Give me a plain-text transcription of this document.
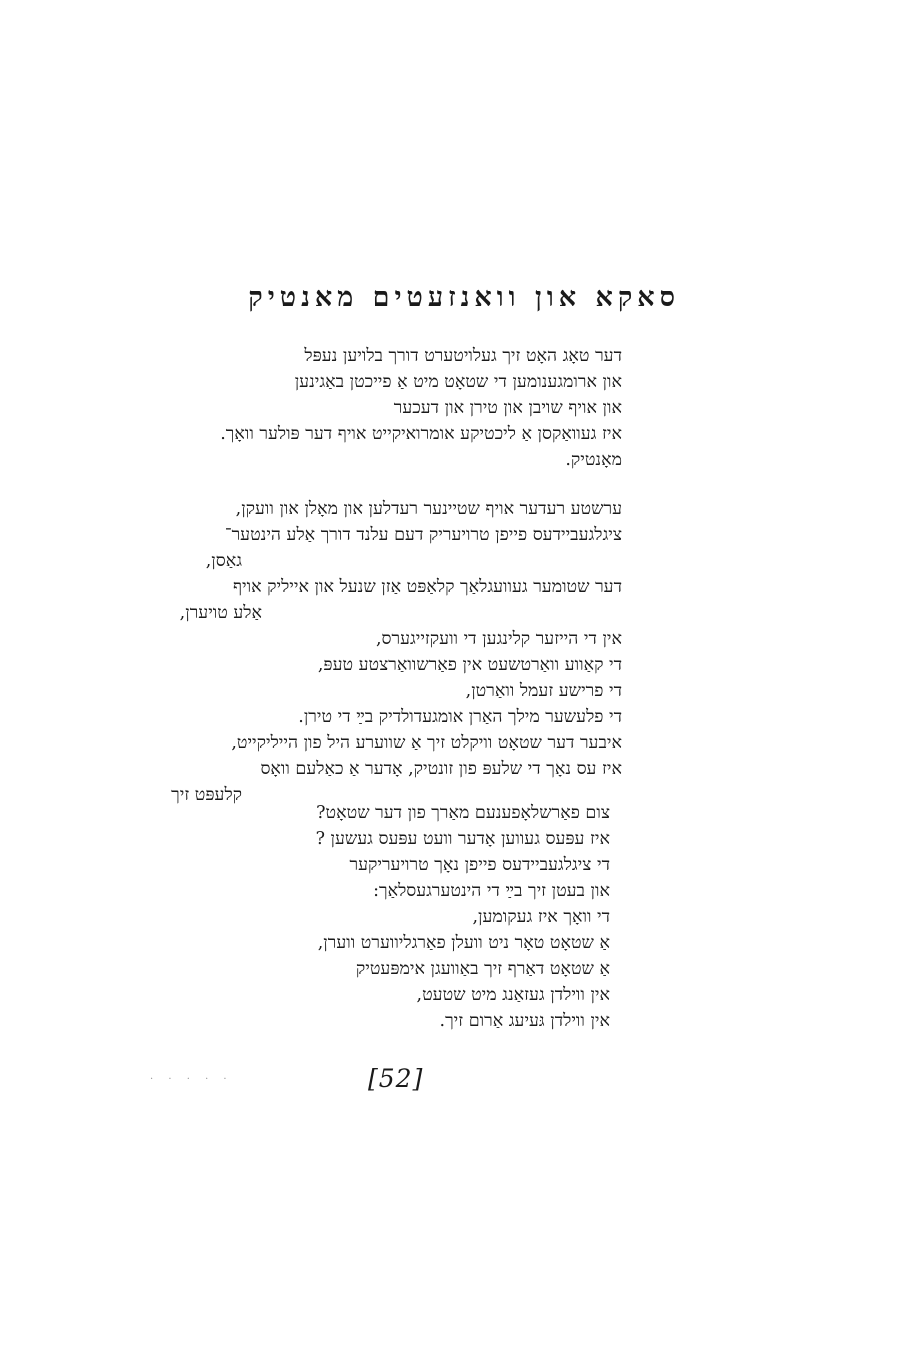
סאקא און וואנזעטים מאנטיק
דער טאָג האָט זיך געלויטערט דורך בלויען נעפּל
און ארומגענומען די שטאָט מיט אַ פייכטן באַגינען
און אויף שויבן און טירן און דעכער
איז געוואַקסן אַ ליכטיקע אומרואיקייט אויף דער פּולער וואָך.
מאָנטיק.
ערשטע רעדער אויף שטיינער רעדלען און מאָלן און וועקן,
ציגלגעביידעס פייפן טרויעריק דעם עלנד דורך אַלע הינטער־
גאַסן,
דער שטומער געוועגלאַך קלאַפּט אַזן שנעל און אייליק אויף
אַלע טויערן,
אין די הייזער קלינגען די וועקזייגערס,
די קאַווע וואַרטשעט אין פאַרשוואַרצטע טעפּ,
די פרישע זעמל וואַרטן,
די פלעשער מילך האַרן אומגעדולדיק בײַ די טירן.
איבער דער שטאָט וויקלט זיך אַ שווערע היל פון הייליקייט,
איז עס נאָך די שלעפּ פון זונטיק, אָדער אַ כאַלעם וואָס
קלעפּט זיך
צום פאַרשלאָפענעם מאַרך פון דער שטאָט?
איז עפּעס געווען אָדער וועט עפּעס געשען ?
די ציגלגעביידעס פייפן נאָך טרויעריקער
און בעטן זיך בײַ די הינטערגעסלאַך:
די וואָך איז געקומען,
אַ שטאָט טאָר ניט וועלן פאַרגליווערט ווערן,
אַ שטאָט דאַרף זיך באַוועגן אימפּעטיק
אין ווילדן געזאַנג מיט שטעט,
אין ווילדן גּעיעג אַרום זיך.
· · · · ·	[52]
